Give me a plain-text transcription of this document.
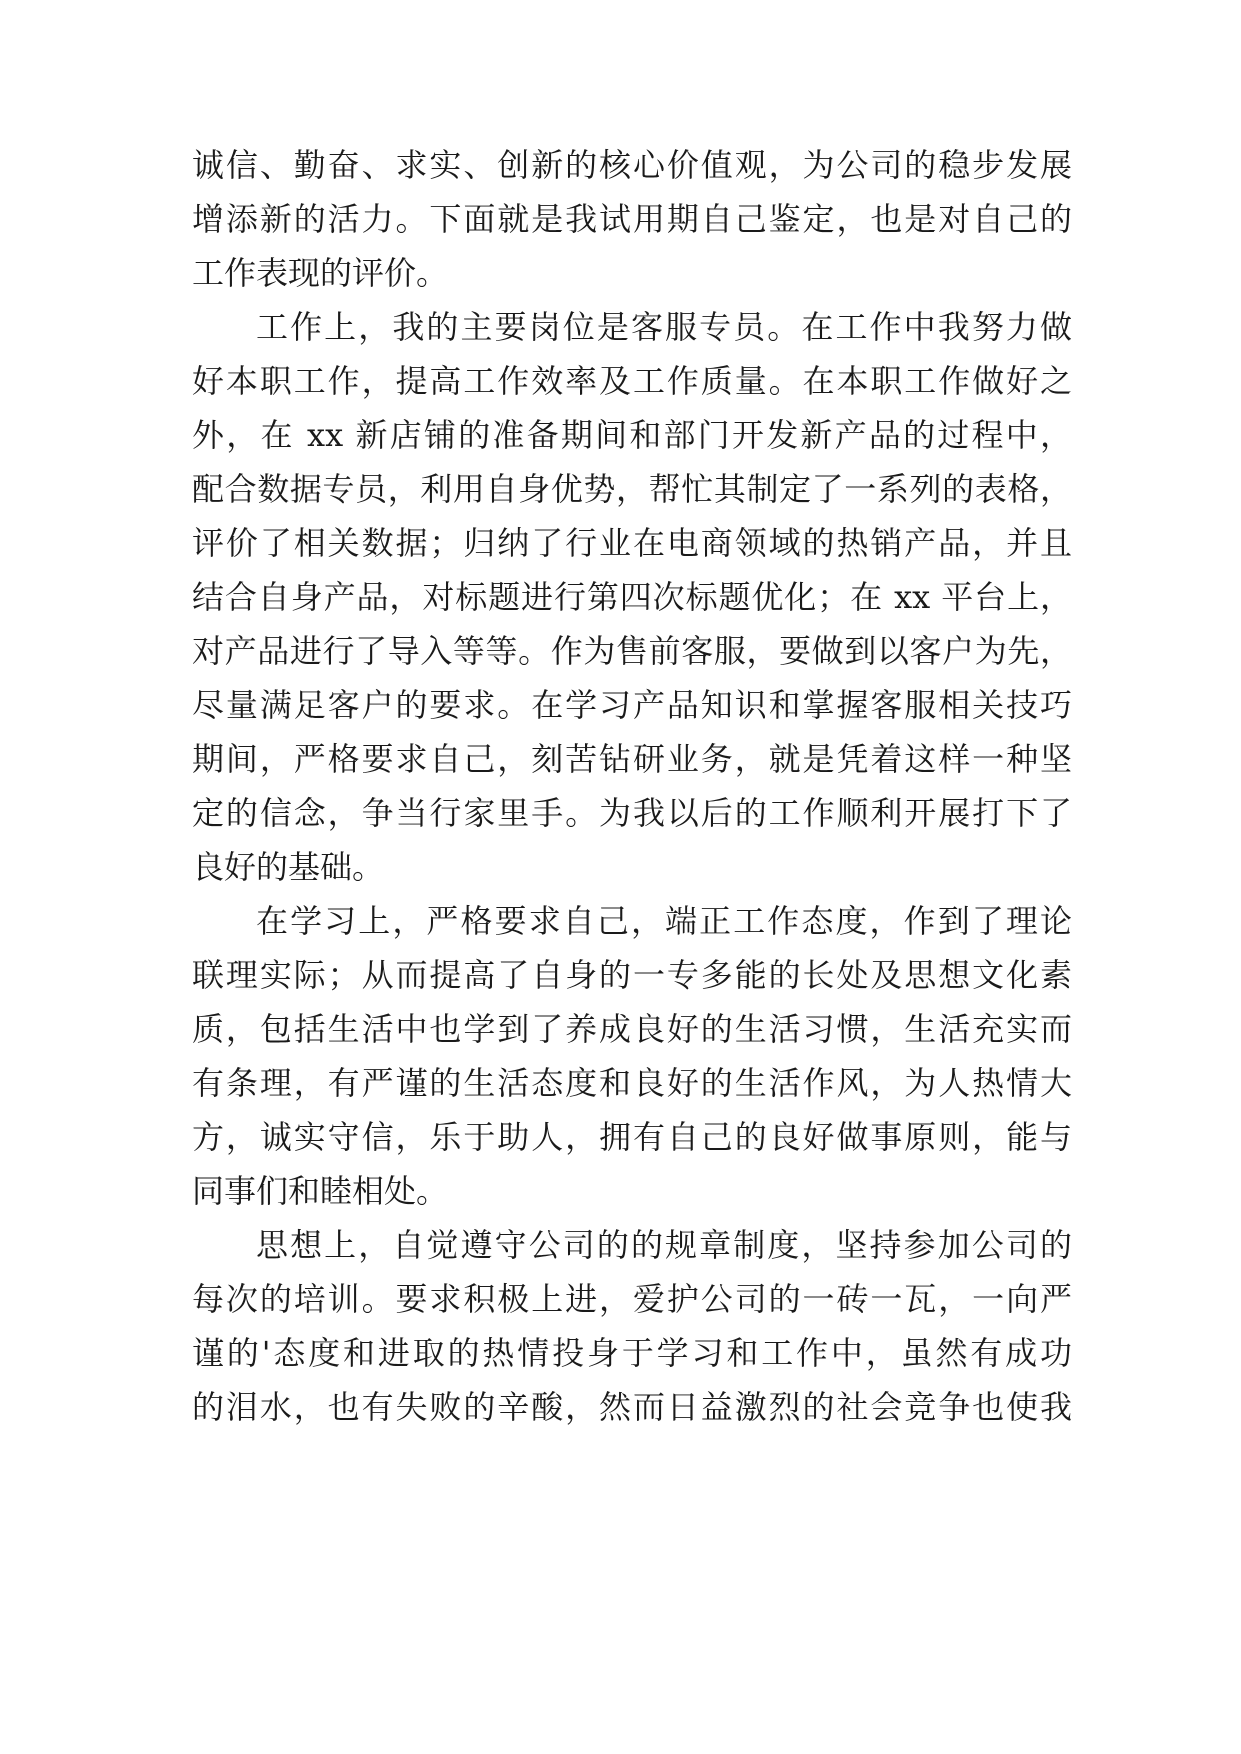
诚信、勤奋、求实、创新的核心价值观，为公司的稳步发展
增添新的活力。下面就是我试用期自己鉴定，也是对自己的
工作表现的评价。
工作上，我的主要岗位是客服专员。在工作中我努力做
好本职工作，提高工作效率及工作质量。在本职工作做好之
外，在 xx 新店铺的准备期间和部门开发新产品的过程中，
配合数据专员，利用自身优势，帮忙其制定了一系列的表格，
评价了相关数据；归纳了行业在电商领域的热销产品，并且
结合自身产品，对标题进行第四次标题优化；在 xx 平台上，
对产品进行了导入等等。作为售前客服，要做到以客户为先，
尽量满足客户的要求。在学习产品知识和掌握客服相关技巧
期间，严格要求自己，刻苦钻研业务，就是凭着这样一种坚
定的信念，争当行家里手。为我以后的工作顺利开展打下了
良好的基础。
在学习上，严格要求自己，端正工作态度，作到了理论
联理实际；从而提高了自身的一专多能的长处及思想文化素
质，包括生活中也学到了养成良好的生活习惯，生活充实而
有条理，有严谨的生活态度和良好的生活作风，为人热情大
方，诚实守信，乐于助人，拥有自己的良好做事原则，能与
同事们和睦相处。
思想上，自觉遵守公司的的规章制度，坚持参加公司的
每次的培训。要求积极上进，爱护公司的一砖一瓦，一向严
谨的'态度和进取的热情投身于学习和工作中，虽然有成功
的泪水，也有失败的辛酸，然而日益激烈的社会竞争也使我
